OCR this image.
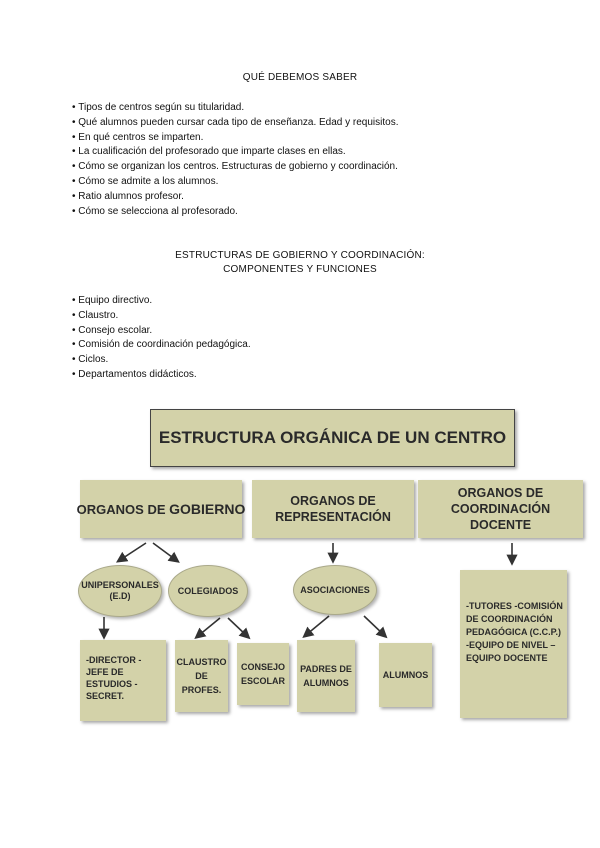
QUÉ DEBEMOS SABER
• Tipos de centros según su titularidad.
• Qué alumnos pueden cursar cada tipo de enseñanza. Edad y requisitos.
• En qué centros se imparten.
• La cualificación del profesorado que imparte clases en ellas.
• Cómo se organizan los centros. Estructuras de gobierno y coordinación.
• Cómo se admite a los alumnos.
• Ratio alumnos profesor.
• Cómo se selecciona al profesorado.
ESTRUCTURAS DE GOBIERNO Y COORDINACIÓN:
COMPONENTES Y FUNCIONES
• Equipo directivo.
• Claustro.
• Consejo escolar.
• Comisión de coordinación pedagógica.
• Ciclos.
• Departamentos didácticos.
ESTRUCTURA ORGÁNICA DE UN CENTRO
ORGANOS DE GOBIERNO	ORGANOS DE REPRESENTACIÓN
ORGANOS DE COORDINACIÓN DOCENTE
UNIPERSONALES (E.D)
COLEGIADOS	ASOCIACIONES
-DIRECTOR -JEFE DE ESTUDIOS - SECRET.
CLAUSTRO DE PROFES.
CONSEJO ESCOLAR
PADRES DE ALUMNOS
ALUMNOS
-TUTORES -COMISIÓN DE COORDINACIÓN PEDAGÓGICA (C.C.P.) -EQUIPO DE NIVEL –EQUIPO DOCENTE
